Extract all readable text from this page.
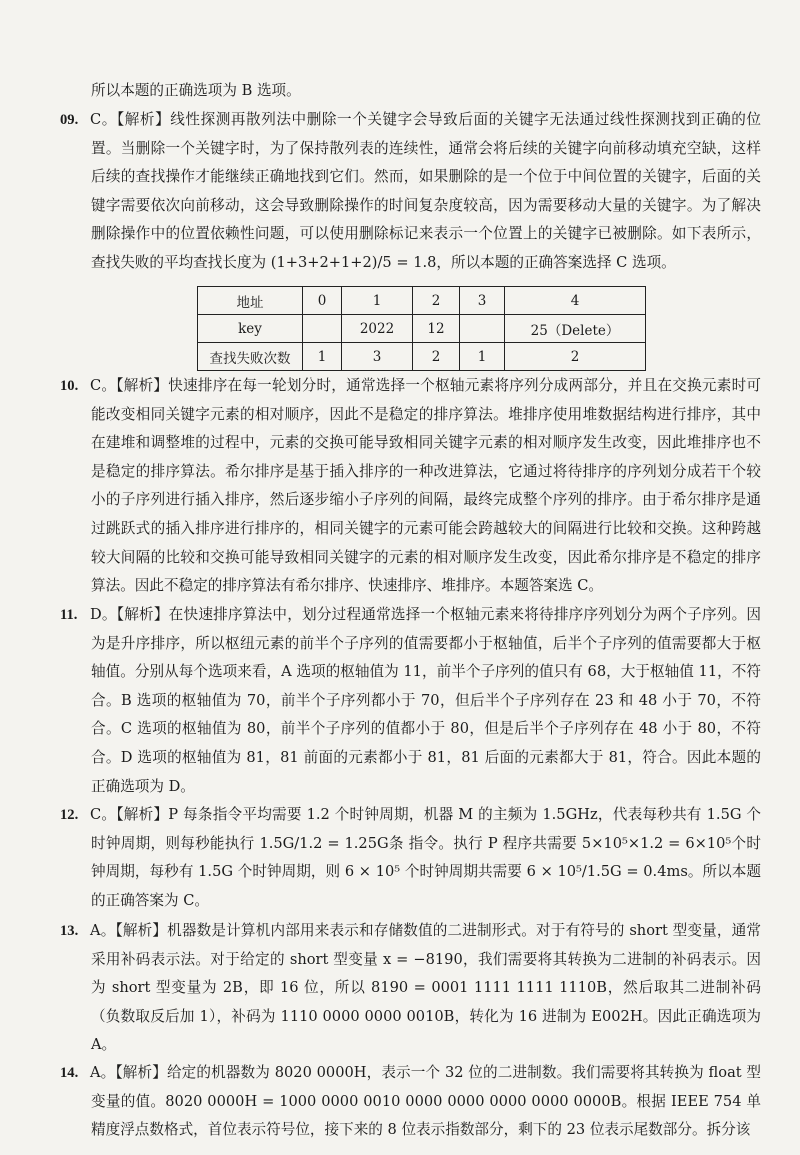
所以本题的正确选项为 B 选项。

09. C。【解析】线性探测再散列法中删除一个关键字会导致后面的关键字无法通过线性探测找到正确的位置。当删除一个关键字时，为了保持散列表的连续性，通常会将后续的关键字向前移动填充空缺，这样后续的查找操作才能继续正确地找到它们。然而，如果删除的是一个位于中间位置的关键字，后面的关键字需要依次向前移动，这会导致删除操作的时间复杂度较高，因为需要移动大量的关键字。为了解决删除操作中的位置依赖性问题，可以使用删除标记来表示一个位置上的关键字已被删除。如下表所示，查找失败的平均查找长度为 (1+3+2+1+2)/5 = 1.8，所以本题的正确答案选择 C 选项。

地址	0	1	2	3	4
key		2022	12		25（Delete）
查找失败次数	1	3	2	1	2

10. C。【解析】快速排序在每一轮划分时，通常选择一个枢轴元素将序列分成两部分，并且在交换元素时可能改变相同关键字元素的相对顺序，因此不是稳定的排序算法。堆排序使用堆数据结构进行排序，其中在建堆和调整堆的过程中，元素的交换可能导致相同关键字元素的相对顺序发生改变，因此堆排序也不是稳定的排序算法。希尔排序是基于插入排序的一种改进算法，它通过将待排序的序列划分成若干个较小的子序列进行插入排序，然后逐步缩小子序列的间隔，最终完成整个序列的排序。由于希尔排序是通过跳跃式的插入排序进行排序的，相同关键字的元素可能会跨越较大的间隔进行比较和交换。这种跨越较大间隔的比较和交换可能导致相同关键字的元素的相对顺序发生改变，因此希尔排序是不稳定的排序算法。因此不稳定的排序算法有希尔排序、快速排序、堆排序。本题答案选 C。

11. D。【解析】在快速排序算法中，划分过程通常选择一个枢轴元素来将待排序序列划分为两个子序列。因为是升序排序，所以枢纽元素的前半个子序列的值需要都小于枢轴值，后半个子序列的值需要都大于枢轴值。分别从每个选项来看，A 选项的枢轴值为 11，前半个子序列的值只有 68，大于枢轴值 11，不符合。B 选项的枢轴值为 70，前半个子序列都小于 70，但后半个子序列存在 23 和 48 小于 70，不符合。C 选项的枢轴值为 80，前半个子序列的值都小于 80，但是后半个子序列存在 48 小于 80，不符合。D 选项的枢轴值为 81，81 前面的元素都小于 81，81 后面的元素都大于 81，符合。因此本题的正确选项为 D。

12. C。【解析】P 每条指令平均需要 1.2 个时钟周期，机器 M 的主频为 1.5GHz，代表每秒共有 1.5G 个时钟周期，则每秒能执行 1.5G/1.2 = 1.25G条 指令。执行 P 程序共需要 5×10⁵×1.2 = 6×10⁵个时钟周期，每秒有 1.5G 个时钟周期，则 6 × 10⁵ 个时钟周期共需要 6 × 10⁵/1.5G = 0.4ms。所以本题的正确答案为 C。

13. A。【解析】机器数是计算机内部用来表示和存储数值的二进制形式。对于有符号的 short 型变量，通常采用补码表示法。对于给定的 short 型变量 x = −8190，我们需要将其转换为二进制的补码表示。因为 short 型变量为 2B，即 16 位，所以 8190 = 0001 1111 1111 1110B，然后取其二进制补码（负数取反后加 1），补码为 1110 0000 0000 0010B，转化为 16 进制为 E002H。因此正确选项为 A。

14. A。【解析】给定的机器数为 8020 0000H，表示一个 32 位的二进制数。我们需要将其转换为 float 型变量的值。8020 0000H = 1000 0000 0010 0000 0000 0000 0000 0000B。根据 IEEE 754 单精度浮点数格式，首位表示符号位，接下来的 8 位表示指数部分，剩下的 23 位表示尾数部分。拆分该
